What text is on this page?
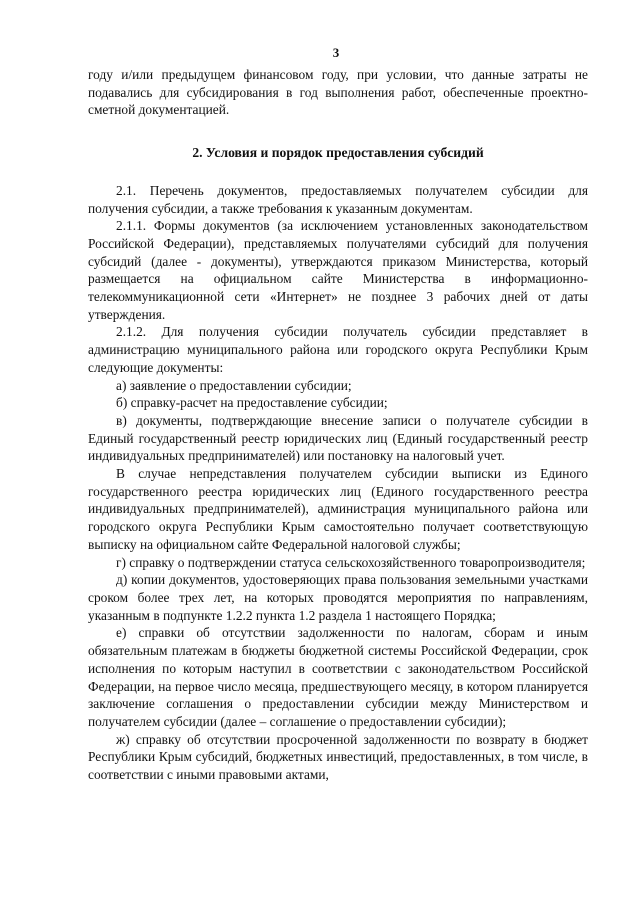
3

году и/или предыдущем финансовом году, при условии, что данные затраты не подавались для субсидирования в год выполнения работ, обеспеченные проектно-сметной документацией.

2. Условия и порядок предоставления субсидий

2.1. Перечень документов, предоставляемых получателем субсидии для получения субсидии, а также требования к указанным документам.

2.1.1. Формы документов (за исключением установленных законодательством Российской Федерации), представляемых получателями субсидий для получения субсидий (далее - документы), утверждаются приказом Министерства, который размещается на официальном сайте Министерства в информационно-телекоммуникационной сети «Интернет» не позднее 3 рабочих дней от даты утверждения.

2.1.2. Для получения субсидии получатель субсидии представляет в администрацию муниципального района или городского округа Республики Крым следующие документы:

а) заявление о предоставлении субсидии;

б) справку-расчет на предоставление субсидии;

в) документы, подтверждающие внесение записи о получателе субсидии в Единый государственный реестр юридических лиц (Единый государственный реестр индивидуальных предпринимателей) или постановку на налоговый учет.

В случае непредставления получателем субсидии выписки из Единого государственного реестра юридических лиц (Единого государственного реестра индивидуальных предпринимателей), администрация муниципального района или городского округа Республики Крым самостоятельно получает соответствующую выписку на официальном сайте Федеральной налоговой службы;

г) справку о подтверждении статуса сельскохозяйственного товаропроизводителя;

д) копии документов, удостоверяющих права пользования земельными участками сроком более трех лет, на которых проводятся мероприятия по направлениям, указанным в подпункте 1.2.2 пункта 1.2 раздела 1 настоящего Порядка;

е) справки об отсутствии задолженности по налогам, сборам и иным обязательным платежам в бюджеты бюджетной системы Российской Федерации, срок исполнения по которым наступил в соответствии с законодательством Российской Федерации, на первое число месяца, предшествующего месяцу, в котором планируется заключение соглашения о предоставлении субсидии между Министерством и получателем субсидии (далее – соглашение о предоставлении субсидии);

ж) справку об отсутствии просроченной задолженности по возврату в бюджет Республики Крым субсидий, бюджетных инвестиций, предоставленных, в том числе, в соответствии с иными правовыми актами,
